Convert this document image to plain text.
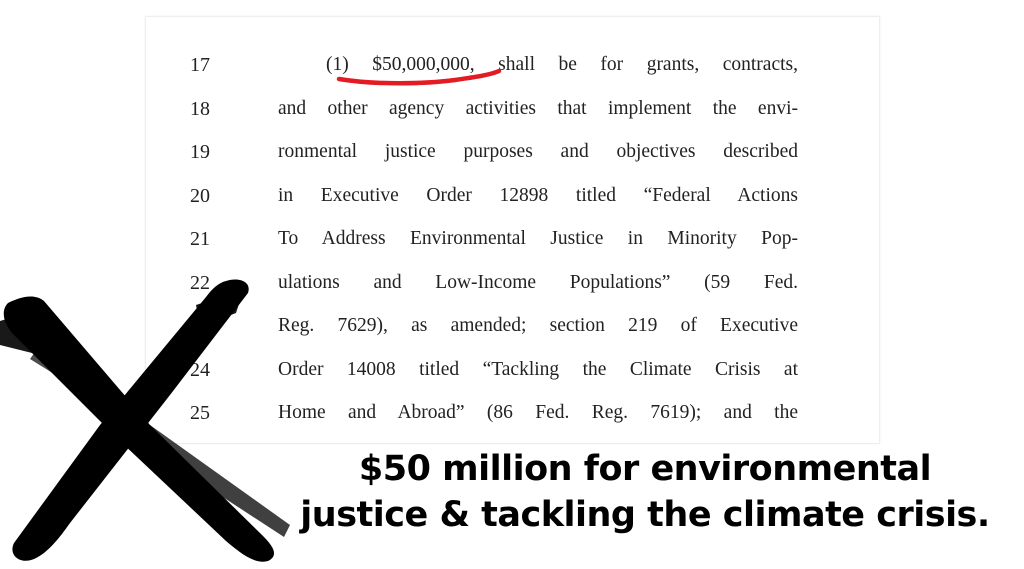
17	(1) $50,000,000, shall be for grants, contracts,
18	and other agency activities that implement the envi-
19	ronmental justice purposes and objectives described
20	in Executive Order 12898 titled “Federal Actions
21	To Address Environmental Justice in Minority Pop-
22	ulations and Low-Income Populations” (59 Fed.
Reg. 7629), as amended; section 219 of Executive
24	Order 14008 titled “Tackling the Climate Crisis at
25	Home and Abroad” (86 Fed. Reg. 7619); and the
$50 million for environmental
justice & tackling the climate crisis.
